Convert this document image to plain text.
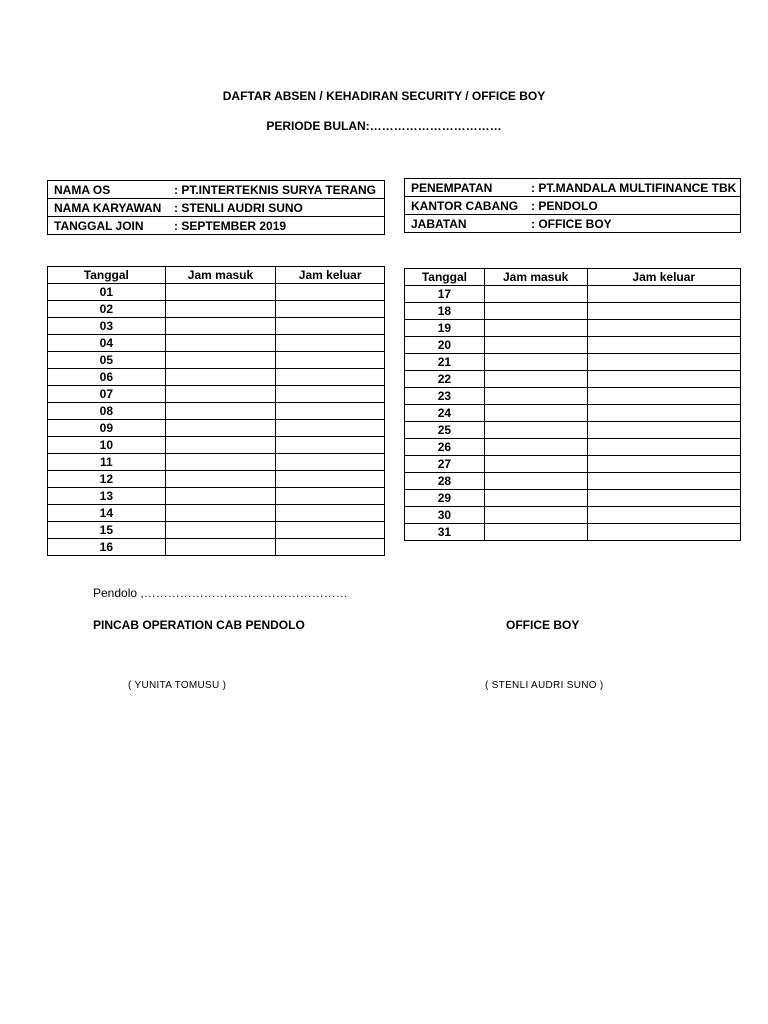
DAFTAR ABSEN / KEHADIRAN SECURITY / OFFICE BOY
PERIODE BULAN:……………………………
NAMA OS	: PT.INTERTEKNIS SURYA TERANG
NAMA KARYAWAN : STENLI AUDRI SUNO
TANGGAL JOIN	: SEPTEMBER 2019
PENEMPATAN	: PT.MANDALA MULTIFINANCE TBK
KANTOR CABANG : PENDOLO
JABATAN	: OFFICE BOY
Tanggal	Jam masuk	Jam keluar
01		
02		
03		
04		
05		
06		
07		
08		
09		
10		
11		
12		
13		
14		
15		
16		
Tanggal	Jam masuk	Jam keluar
17		
18		
19		
20		
21		
22		
23		
24		
25		
26		
27		
28		
29		
30		
31		
Pendolo ,……………………………………………
PINCAB OPERATION CAB PENDOLO	OFFICE BOY
( YUNITA TOMUSU )	( STENLI AUDRI SUNO )
